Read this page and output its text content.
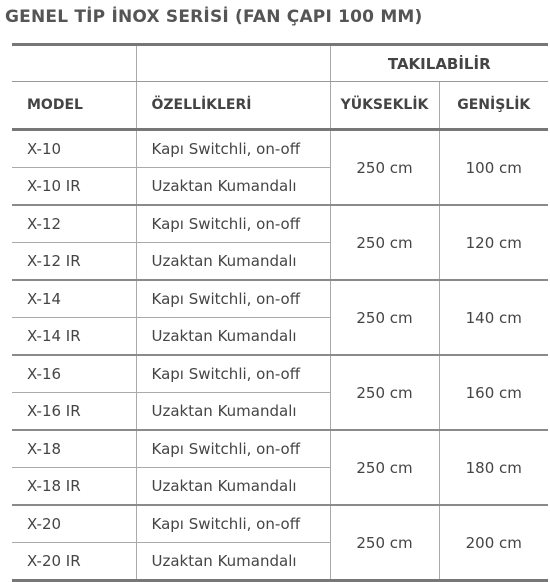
GENEL TİP İNOX SERİSİ (FAN ÇAPI 100 MM)
		TAKILABİLİR	
MODEL	ÖZELLİKLERİ	YÜKSEKLİK	GENİŞLİK
X-10	Kapı Switchli, on-off	250 cm	100 cm
X-10 IR	Uzaktan Kumandalı		
X-12	Kapı Switchli, on-off	250 cm	120 cm
X-12 IR	Uzaktan Kumandalı		
X-14	Kapı Switchli, on-off	250 cm	140 cm
X-14 IR	Uzaktan Kumandalı		
X-16	Kapı Switchli, on-off	250 cm	160 cm
X-16 IR	Uzaktan Kumandalı		
X-18	Kapı Switchli, on-off	250 cm	180 cm
X-18 IR	Uzaktan Kumandalı		
X-20	Kapı Switchli, on-off	250 cm	200 cm
X-20 IR	Uzaktan Kumandalı		
